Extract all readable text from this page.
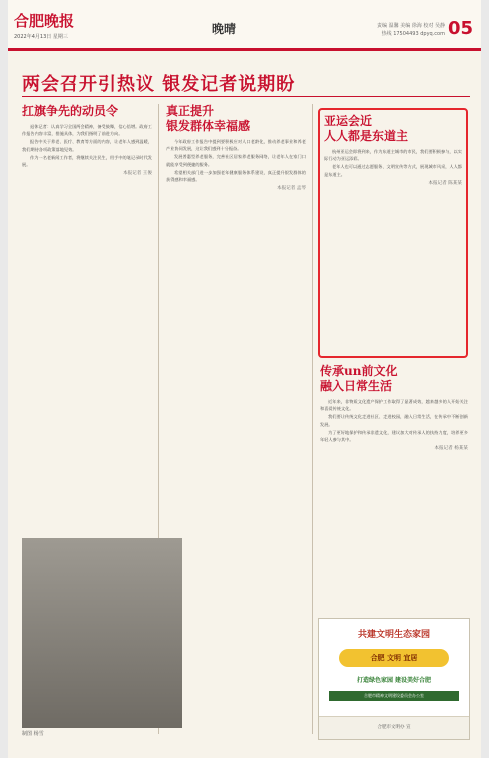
合肥晚报
2022年4月13日 星期三
晚晴	责编 温馨 美编 徐海 校对 吴静
热线 17504493 dpyq.com 05
两会召开引热议 银发记者说期盼
扛旗争先的动员令
退休记者：认真学习全国两会精神，备受鼓舞，信心倍增。政府工作报告内容丰富，措施具体，为我们指明了前进方向。
报告中关于养老、医疗、教育等方面的内容，让老年人感到温暖，我们期待各项政策落地见效。
作为一名老新闻工作者，将继续关注民生，用手中的笔记录时代发展。
本报记者 王俊
真正提升
银发群体幸福感
今年政府工作报告中提到要积极应对人口老龄化，推动养老事业和养老产业协同发展，这让我们感到十分振奋。
发展普惠型养老服务，完善社区居家养老服务网络，让老年人在家门口就能享受到便捷的服务。
希望相关部门进一步加强老年健康服务体系建设，真正提升银发群体的获得感和幸福感。
本报记者 孟琴
亚运会近
人人都是东道主
杭州亚运会即将到来，作为东道主城市的市民，我们要积极参与，以实际行动为亚运添彩。
老年人也可以通过志愿服务、文明宣传等方式，展现城市风采，人人都是东道主。
本报记者 陈某某
传承un前文化
融入日常生活
近年来，非物质文化遗产保护工作取得了显著成效，越来越多的人开始关注和喜爱传统文化。
我们要让传统文化走进社区、走进校园，融入日常生活，在传承中不断创新发展。
为了更好地保护和传承非遗文化，建议加大对传承人的扶持力度，培养更多年轻人参与其中。
本报记者 杨某某
制图 杨雪
共建文明生态家园
合肥 文明 宜居
打造绿色家园 建设美好合肥
合肥市精神文明建设委员会办公室
合肥市文明办 宣
